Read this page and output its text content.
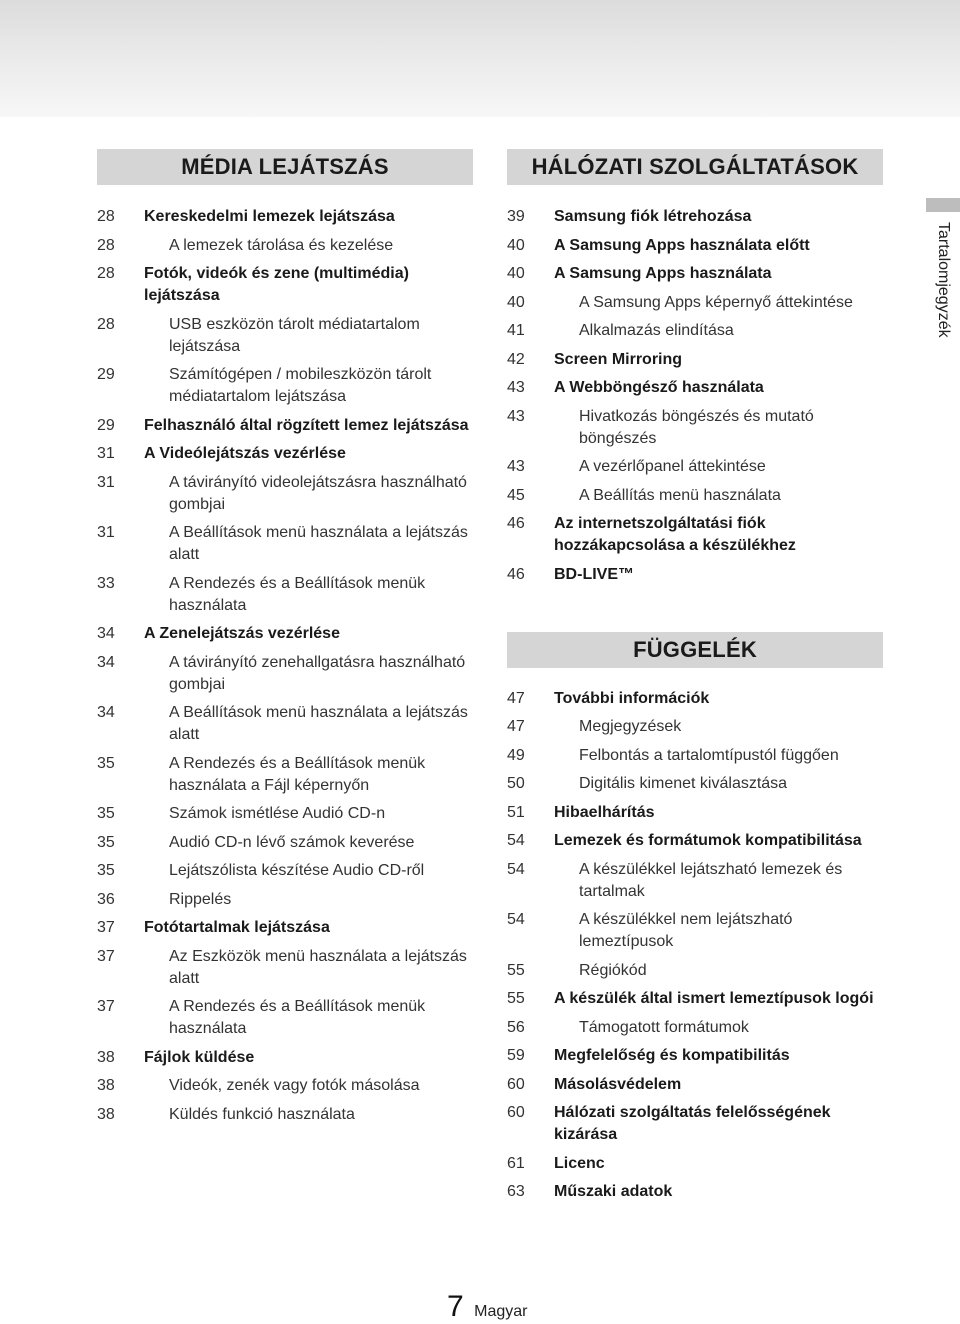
MÉDIA LEJÁTSZÁS
28	Kereskedelmi lemezek lejátszása
28	A lemezek tárolása és kezelése
28	Fotók, videók és zene (multimédia) lejátszása
28	USB eszközön tárolt médiatartalom lejátszása
29	Számítógépen / mobileszközön tárolt médiatartalom lejátszása
29	Felhasználó által rögzített lemez lejátszása
31	A Videólejátszás vezérlése
31	A távirányító videolejátszásra használható gombjai
31	A Beállítások menü használata a lejátszás alatt
33	A Rendezés és a Beállítások menük használata
34	A Zenelejátszás vezérlése
34	A távirányító zenehallgatásra használható gombjai
34	A Beállítások menü használata a lejátszás alatt
35	A Rendezés és a Beállítások menük használata a Fájl képernyőn
35	Számok ismétlése Audió CD-n
35	Audió CD-n lévő számok keverése
35	Lejátszólista készítése Audio CD-ről
36	Rippelés
37	Fotótartalmak lejátszása
37	Az Eszközök menü használata a lejátszás alatt
37	A Rendezés és a Beállítások menük használata
38	Fájlok küldése
38	Videók, zenék vagy fotók másolása
38	Küldés funkció használata
HÁLÓZATI SZOLGÁLTATÁSOK
39	Samsung fiók létrehozása
40	A Samsung Apps használata előtt
40	A Samsung Apps használata
40	A Samsung Apps képernyő áttekintése
41	Alkalmazás elindítása
42	Screen Mirroring
43	A Webböngésző használata
43	Hivatkozás böngészés és mutató böngészés
43	A vezérlőpanel áttekintése
45	A Beállítás menü használata
46	Az internetszolgáltatási fiók hozzákapcsolása a készülékhez
46	BD-LIVE™
FÜGGELÉK
47	További információk
47	Megjegyzések
49	Felbontás a tartalomtípustól függően
50	Digitális kimenet kiválasztása
51	Hibaelhárítás
54	Lemezek és formátumok kompatibilitása
54	A készülékkel lejátszható lemezek és tartalmak
54	A készülékkel nem lejátszható lemeztípusok
55	Régiókód
55	A készülék által ismert lemeztípusok logói
56	Támogatott formátumok
59	Megfelelőség és kompatibilitás
60	Másolásvédelem
60	Hálózati szolgáltatás felelősségének kizárása
61	Licenc
63	Műszaki adatok
Tartalomjegyzék
7 Magyar
